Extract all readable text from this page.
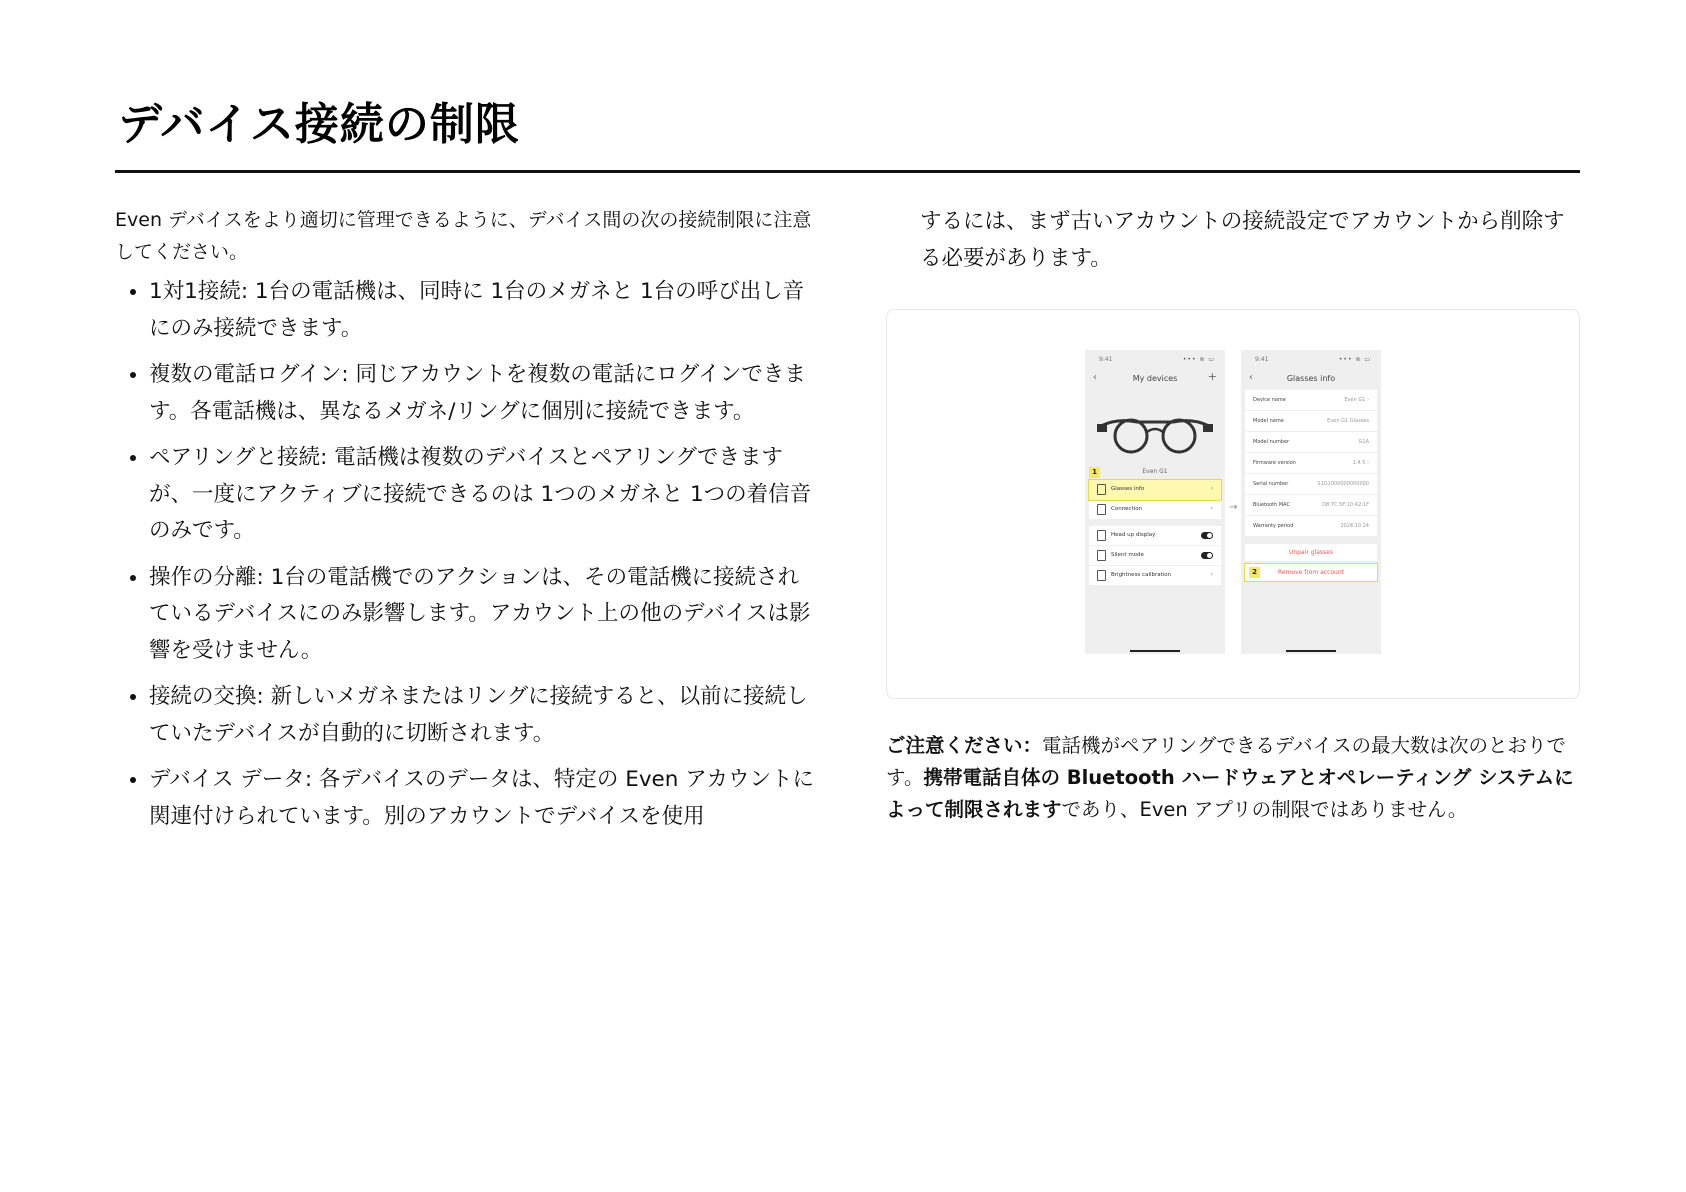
デバイス接続の制限

Even デバイスをより適切に管理できるように、デバイス間の次の接続制限に注意してください。

• 1対1接続: 1台の電話機は、同時に 1台のメガネと 1台の呼び出し音にのみ接続できます。
• 複数の電話ログイン: 同じアカウントを複数の電話にログインできます。各電話機は、異なるメガネ/リングに個別に接続できます。
• ペアリングと接続: 電話機は複数のデバイスとペアリングできますが、一度にアクティブに接続できるのは 1つのメガネと 1つの着信音のみです。
• 操作の分離: 1台の電話機でのアクションは、その電話機に接続されているデバイスにのみ影響します。アカウント上の他のデバイスは影響を受けません。
• 接続の交換: 新しいメガネまたはリングに接続すると、以前に接続していたデバイスが自動的に切断されます。
• デバイス データ: 各デバイスのデータは、特定の Even アカウントに関連付けられています。別のアカウントでデバイスを使用

するには、まず古いアカウントの接続設定でアカウントから削除する必要があります。

9:41	••• ≋ ▭
‹	My devices	+
1	Even G1
Glasses info	›
Connection	›
Head up display
Silent mode
Brightness calibration	›
→
9:41	••• ≋ ▭
‹	Glasses info
Device name	Even G1 ›
Model name	Even G1 Glasses
Model number	G1A
Firmware version	1.4.5 ›
Serial number	S1G1000000000000
Bluetooth MAC	D8:7C:5F:10:A2:1F
Warranty period	2024.10.24
Unpair glasses
2	Remove from account

ご注意ください：電話機がペアリングできるデバイスの最大数は次のとおりです。携帯電話自体の Bluetooth ハードウェアとオペレーティング システムによって制限されますであり、Even アプリの制限ではありません。
